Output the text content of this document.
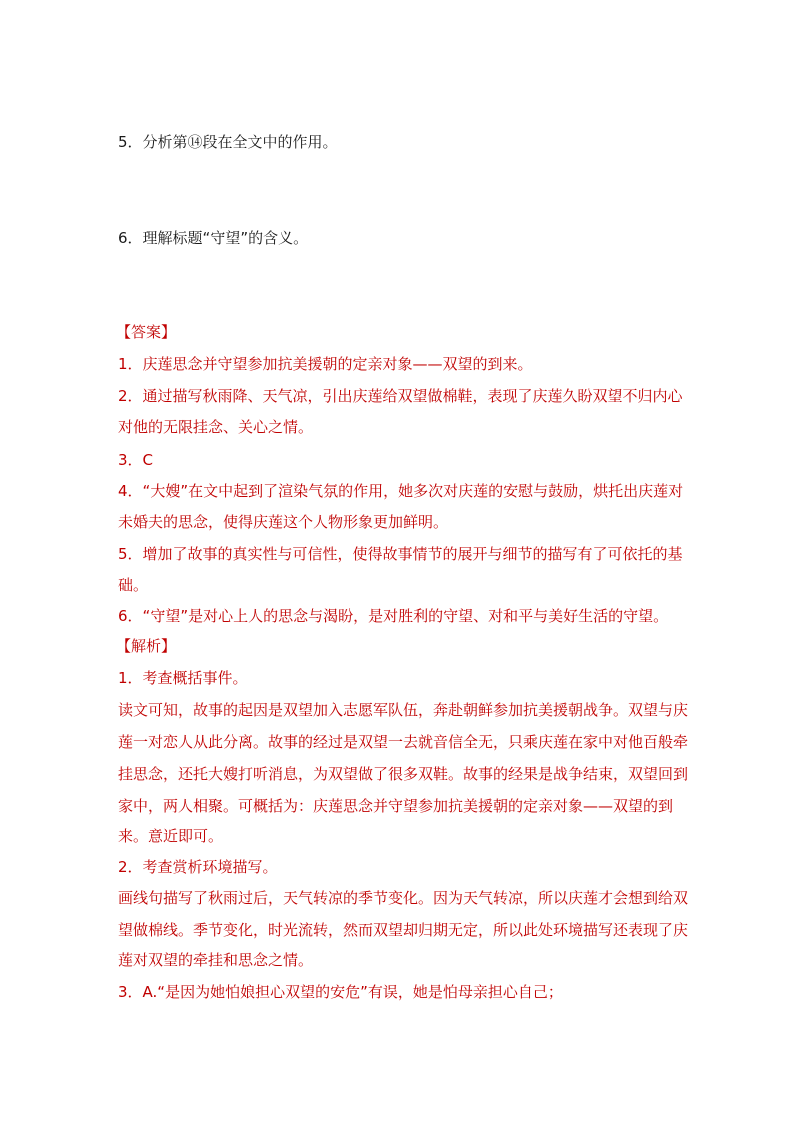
5．分析第⑭段在全文中的作用。
6．理解标题“守望”的含义。
【答案】
1．庆莲思念并守望参加抗美援朝的定亲对象——双望的到来。
2．通过描写秋雨降、天气凉，引出庆莲给双望做棉鞋，表现了庆莲久盼双望不归内心
对他的无限挂念、关心之情。
3．C
4．“大嫂”在文中起到了渲染气氛的作用，她多次对庆莲的安慰与鼓励，烘托出庆莲对
未婚夫的思念，使得庆莲这个人物形象更加鲜明。
5．增加了故事的真实性与可信性，使得故事情节的展开与细节的描写有了可依托的基
础。
6．“守望”是对心上人的思念与渴盼，是对胜利的守望、对和平与美好生活的守望。
【解析】
1．考查概括事件。
读文可知，故事的起因是双望加入志愿军队伍，奔赴朝鲜参加抗美援朝战争。双望与庆
莲一对恋人从此分离。故事的经过是双望一去就音信全无，只乘庆莲在家中对他百般牵
挂思念，还托大嫂打听消息，为双望做了很多双鞋。故事的经果是战争结束，双望回到
家中，两人相聚。可概括为：庆莲思念并守望参加抗美援朝的定亲对象——双望的到
来。意近即可。
2．考查赏析环境描写。
画线句描写了秋雨过后，天气转凉的季节变化。因为天气转凉，所以庆莲才会想到给双
望做棉线。季节变化，时光流转，然而双望却归期无定，所以此处环境描写还表现了庆
莲对双望的牵挂和思念之情。
3．A.“是因为她怕娘担心双望的安危”有误，她是怕母亲担心自己；
